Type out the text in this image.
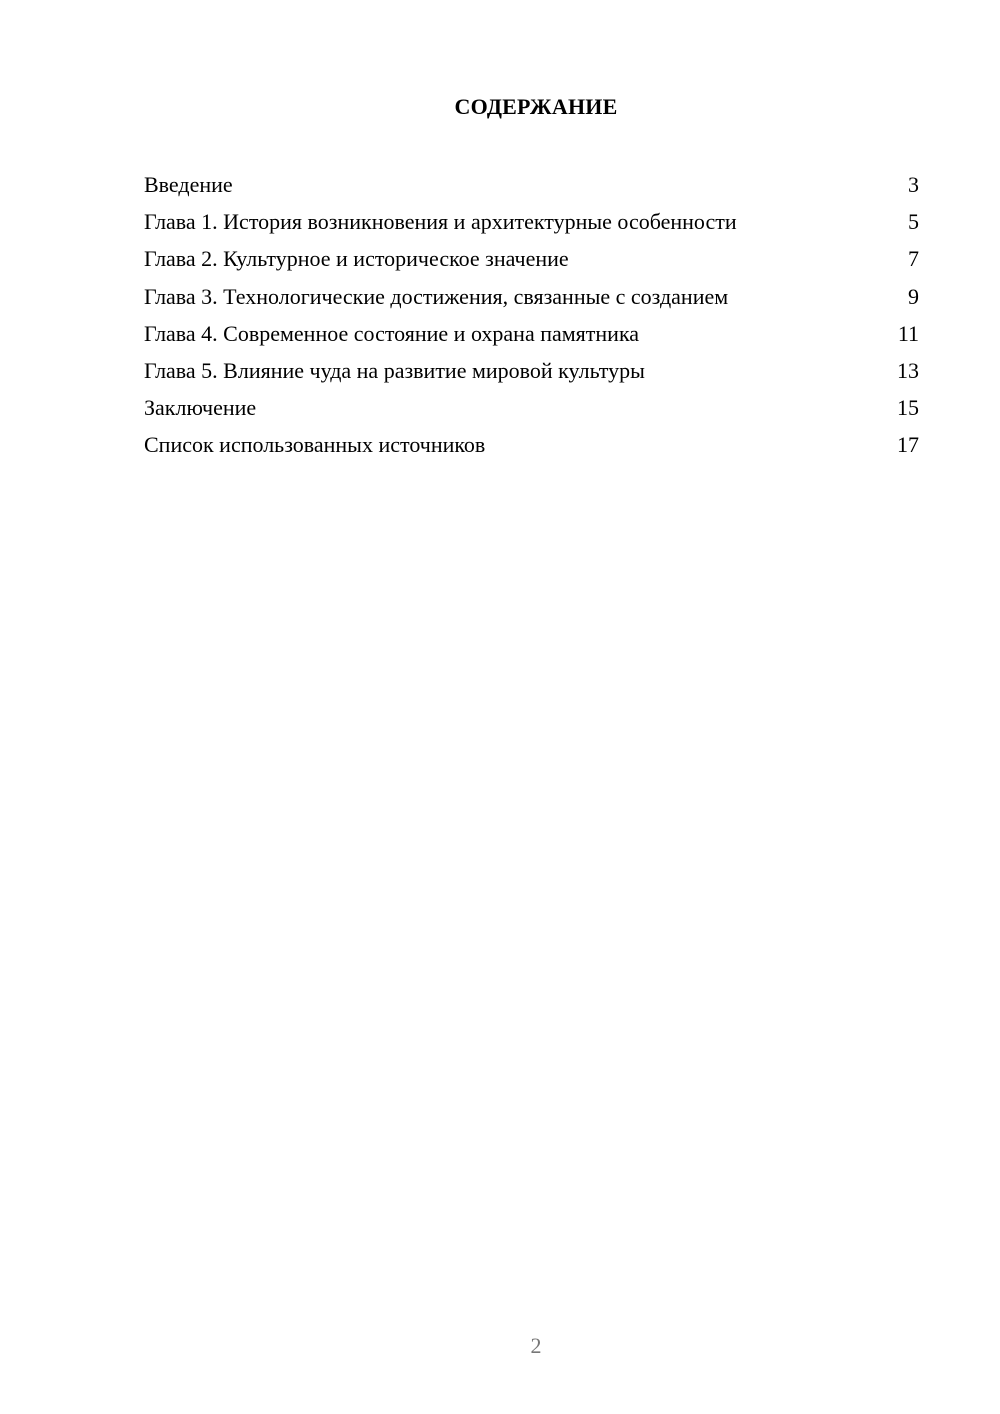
СОДЕРЖАНИЕ
Введение	3
Глава 1. История возникновения и архитектурные особенности	5
Глава 2. Культурное и историческое значение	7
Глава 3. Технологические достижения, связанные с созданием	9
Глава 4. Современное состояние и охрана памятника	11
Глава 5. Влияние чуда на развитие мировой культуры	13
Заключение	15
Список использованных источников	17
2
